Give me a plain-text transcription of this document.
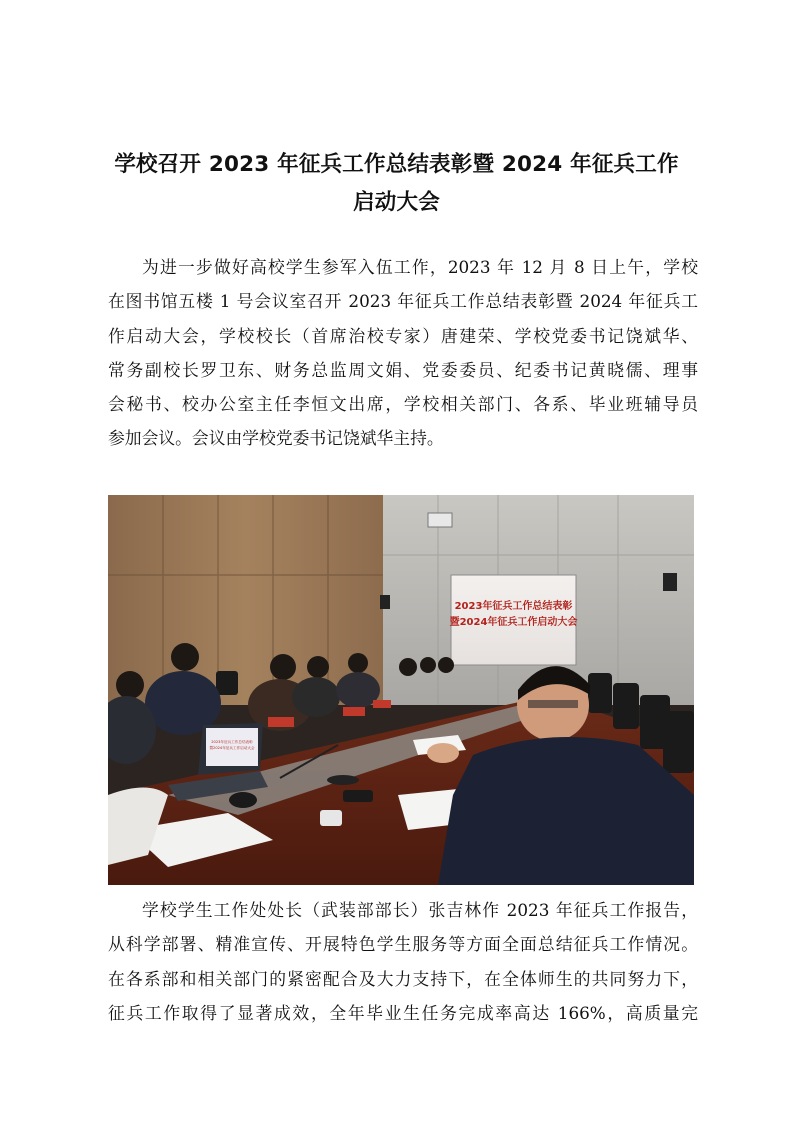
学校召开 2023 年征兵工作总结表彰暨 2024 年征兵工作
启动大会
为进一步做好高校学生参军入伍工作，2023 年 12 月 8 日上午，学校
在图书馆五楼 1 号会议室召开 2023 年征兵工作总结表彰暨 2024 年征兵工
作启动大会，学校校长（首席治校专家）唐建荣、学校党委书记饶斌华、
常务副校长罗卫东、财务总监周文娟、党委委员、纪委书记黄晓儒、理事
会秘书、校办公室主任李恒文出席，学校相关部门、各系、毕业班辅导员
参加会议。会议由学校党委书记饶斌华主持。
2023年征兵工作总结表彰
暨2024年征兵工作启动大会
2023年征兵工作总结表彰
暨2024年征兵工作启动大会
学校学生工作处处长（武装部部长）张吉林作 2023 年征兵工作报告，
从科学部署、精准宣传、开展特色学生服务等方面全面总结征兵工作情况。
在各系部和相关部门的紧密配合及大力支持下，在全体师生的共同努力下，
征兵工作取得了显著成效，全年毕业生任务完成率高达 166%，高质量完
